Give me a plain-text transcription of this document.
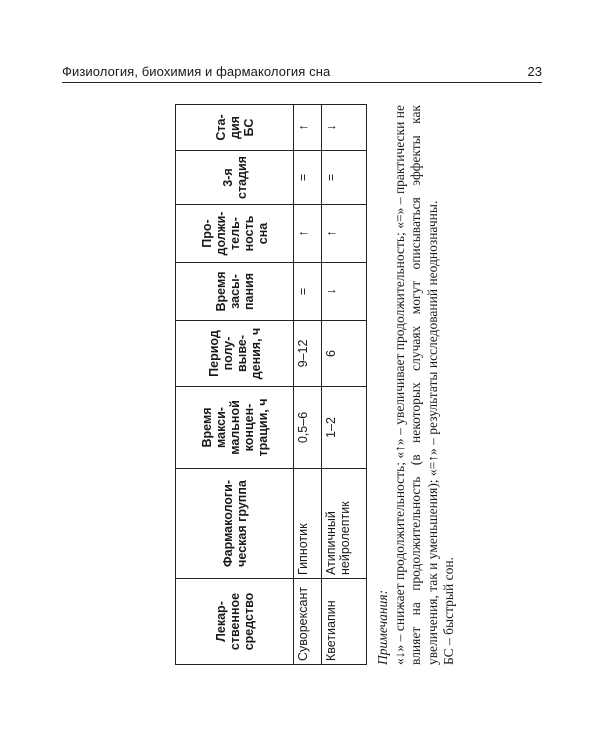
Физиология, биохимия и фармакология сна	23
Лекар-ственное средство	Фармакологи-ческая группа	Время макси-мальной концен-трации, ч	Период полу-выве-дения, ч	Время засы-пания	Про-должи-тель-ность сна	3-я стадия	Ста-дия БС
Суворексант	Гипнотик	0,5–6	9–12	=	↑	=	↑
Кветиапин	Атипичный нейролептик	1–2	6	↓	↑	=	↓

Примечания: «↓» – снижает продолжительность; «↑» – увеличивает продолжительность; «=» – практически не влияет на продолжительность (в некоторых случаях могут описываться эффекты как увеличения, так и уменьшения); «=↑» – результаты исследований неоднозначны. БС – быстрый сон.
